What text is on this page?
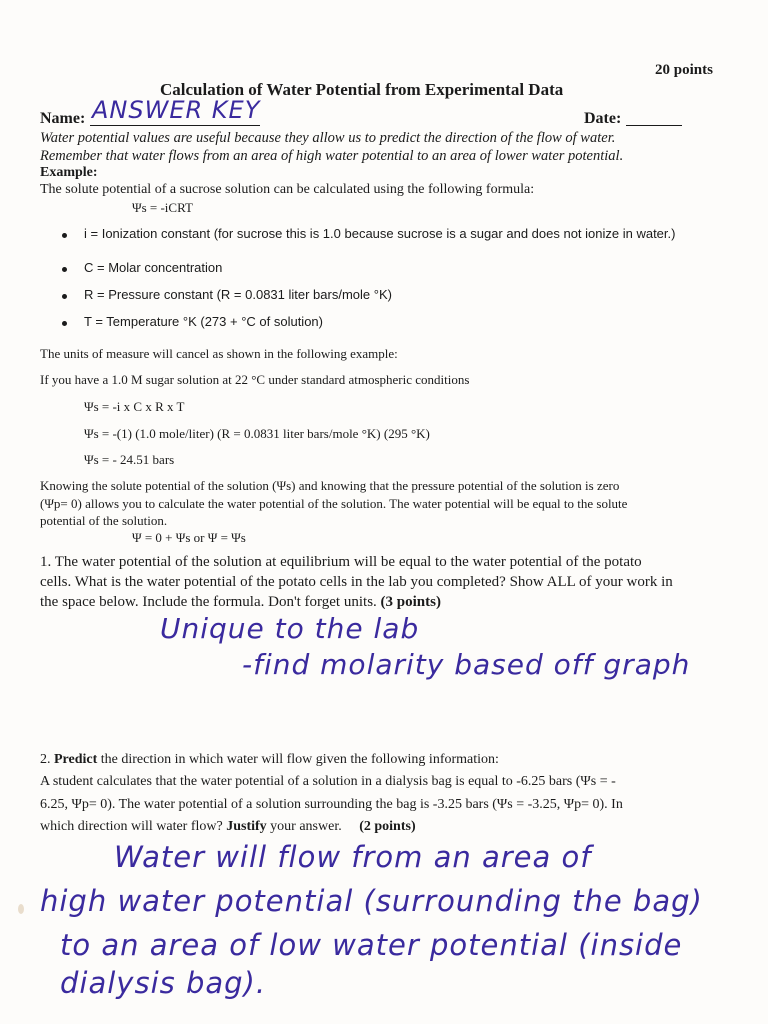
20 points
Calculation of Water Potential from Experimental Data
Name: ANSWER KEY	Date:
Water potential values are useful because they allow us to predict the direction of the flow of water.
Remember that water flows from an area of high water potential to an area of lower water potential.
Example:
The solute potential of a sucrose solution can be calculated using the following formula:
Ψs = -iCRT
i = Ionization constant (for sucrose this is 1.0 because sucrose is a sugar and does not ionize in water.)
C = Molar concentration
R = Pressure constant (R = 0.0831 liter bars/mole °K)
T = Temperature °K (273 + °C of solution)
The units of measure will cancel as shown in the following example:
If you have a 1.0 M sugar solution at 22 °C under standard atmospheric conditions
Ψs = -i x C x R x T
Ψs = -(1) (1.0 mole/liter) (R = 0.0831 liter bars/mole °K) (295 °K)
Ψs = - 24.51 bars
Knowing the solute potential of the solution (Ψs) and knowing that the pressure potential of the solution is zero
(Ψp= 0) allows you to calculate the water potential of the solution. The water potential will be equal to the solute
potential of the solution.
Ψ = 0 + Ψs or Ψ = Ψs
1. The water potential of the solution at equilibrium will be equal to the water potential of the potato
cells. What is the water potential of the potato cells in the lab you completed? Show ALL of your work in
the space below. Include the formula. Don't forget units. (3 points)
Unique to the lab
-find molarity based off graph
2. Predict the direction in which water will flow given the following information:
A student calculates that the water potential of a solution in a dialysis bag is equal to -6.25 bars (Ψs = -
6.25, Ψp= 0). The water potential of a solution surrounding the bag is -3.25 bars (Ψs = -3.25, Ψp= 0). In
which direction will water flow? Justify your answer. (2 points)
Water will flow from an area of
high water potential (surrounding the bag)
to an area of low water potential (inside
dialysis bag).
